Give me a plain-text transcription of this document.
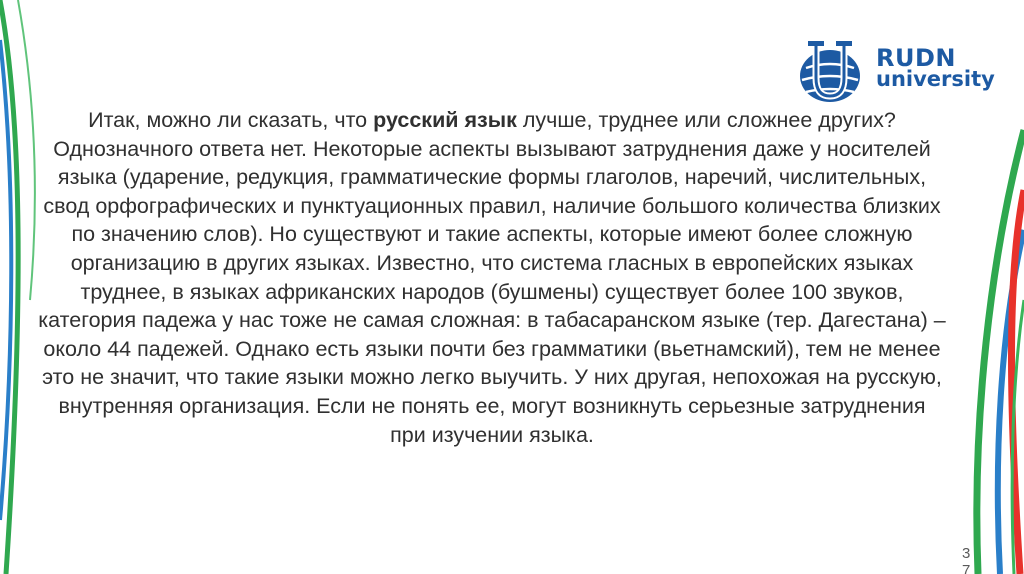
RUDN
university

Итак, можно ли сказать, что русский язык лучше, труднее или сложнее других? Однозначного ответа нет. Некоторые аспекты вызывают затруднения даже у носителей языка (ударение, редукция, грамматические формы глаголов, наречий, числительных, свод орфографических и пунктуационных правил, наличие большого количества близких по значению слов). Но существуют и такие аспекты, которые имеют более сложную организацию в других языках. Известно, что система гласных в европейских языках труднее, в языках африканских народов (бушмены) существует более 100 звуков, категория падежа у нас тоже не самая сложная: в табасаранском языке (тер. Дагестана) – около 44 падежей. Однако есть языки почти без грамматики (вьетнамский), тем не менее это не значит, что такие языки можно легко выучить. У них другая, непохожая на русскую, внутренняя организация. Если не понять ее, могут возникнуть серьезные затруднения при изучении языка.

37
